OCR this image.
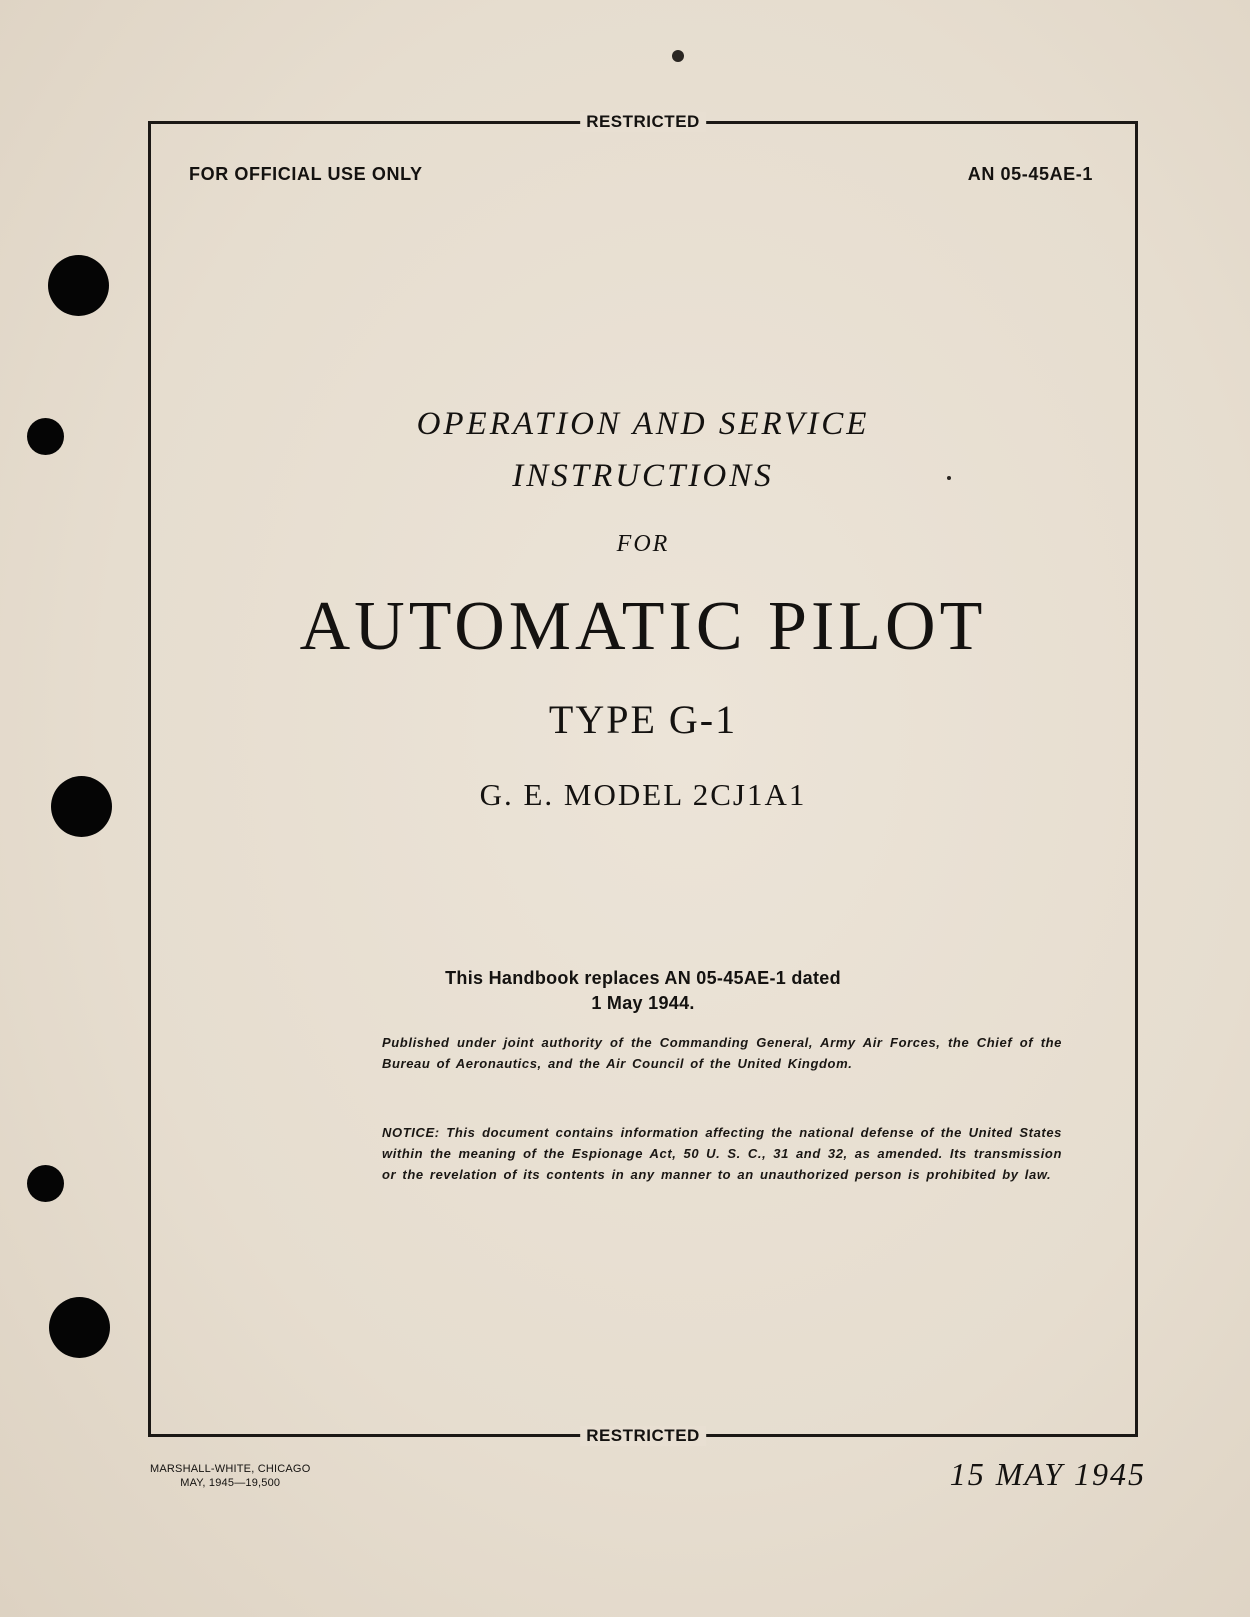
RESTRICTED
RESTRICTED
FOR OFFICIAL USE ONLY	AN 05-45AE-1
OPERATION AND SERVICE
INSTRUCTIONS
FOR
AUTOMATIC PILOT
TYPE G-1
G. E. MODEL 2CJ1A1
This Handbook replaces AN 05-45AE-1 dated
1 May 1944.
Published under joint authority of the Commanding General, Army Air Forces, the Chief of the Bureau of Aeronautics, and the Air Council of the United Kingdom.
NOTICE: This document contains information affecting the national defense of the United States within the meaning of the Espionage Act, 50 U. S. C., 31 and 32, as amended. Its transmission or the revelation of its contents in any manner to an unauthorized person is prohibited by law.
MARSHALL-WHITE, CHICAGO
MAY, 1945—19,500	15 MAY 1945
